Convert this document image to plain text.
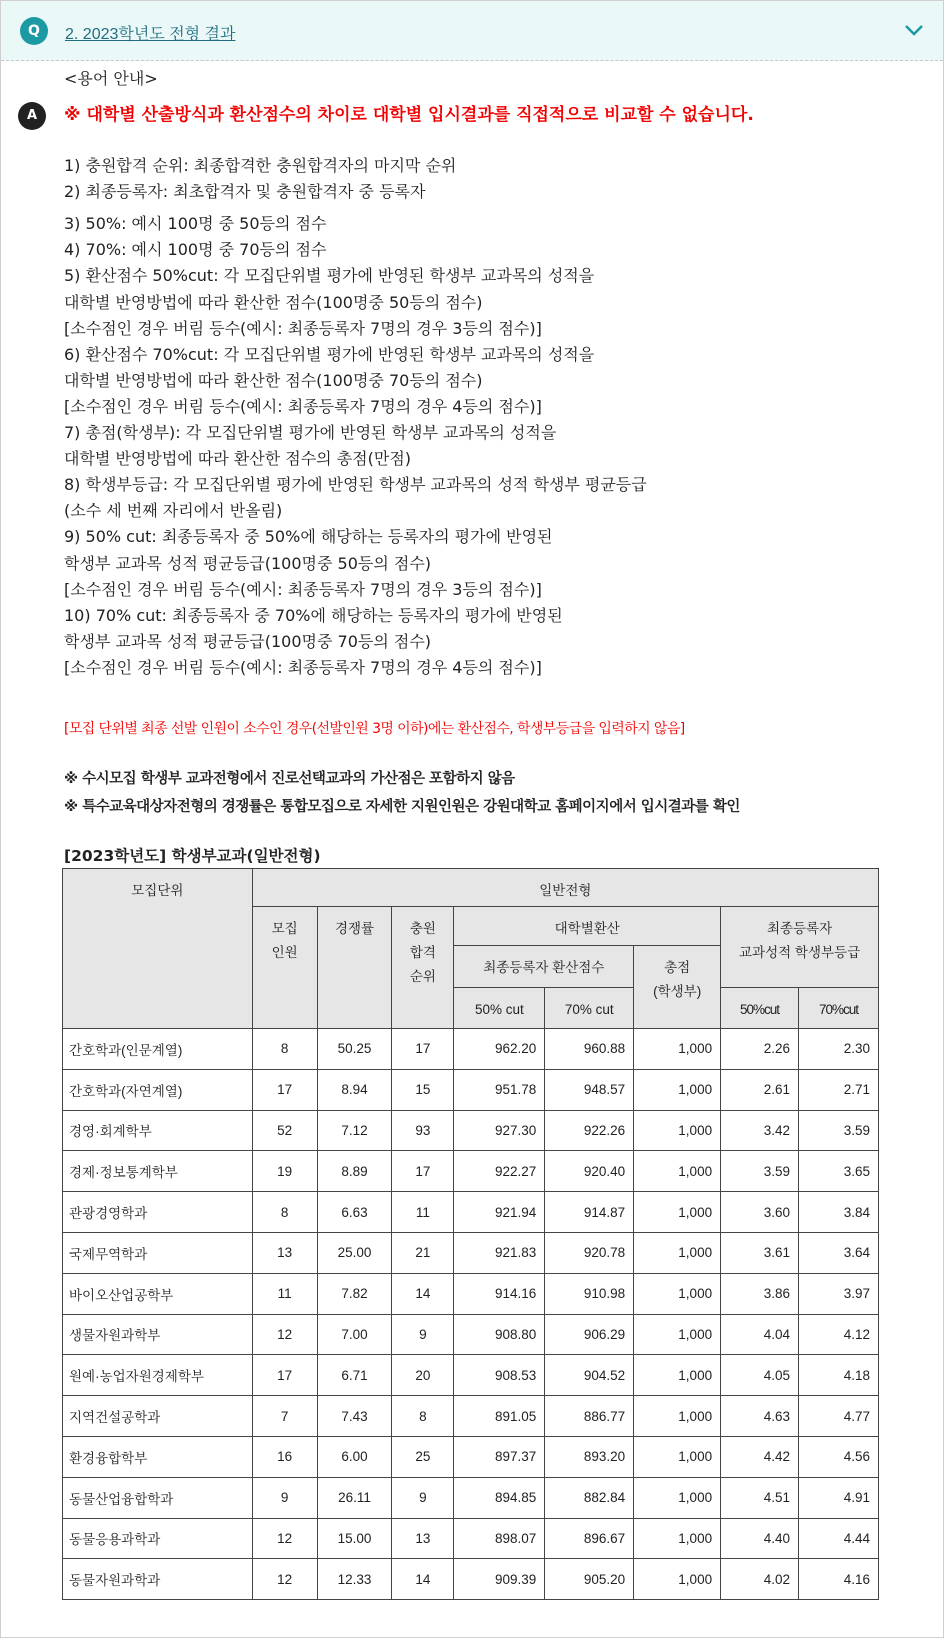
Q	2. 2023학년도 전형 결과
A
<용어 안내>
※ 대학별 산출방식과 환산점수의 차이로 대학별 입시결과를 직접적으로 비교할 수 없습니다.
1) 충원합격 순위: 최종합격한 충원합격자의 마지막 순위
2) 최종등록자: 최초합격자 및 충원합격자 중 등록자
3) 50%: 예시 100명 중 50등의 점수
4) 70%: 예시 100명 중 70등의 점수
5) 환산점수 50%cut: 각 모집단위별 평가에 반영된 학생부 교과목의 성적을
대학별 반영방법에 따라 환산한 점수(100명중 50등의 점수)
[소수점인 경우 버림 등수(예시: 최종등록자 7명의 경우 3등의 점수)]
6) 환산점수 70%cut: 각 모집단위별 평가에 반영된 학생부 교과목의 성적을
대학별 반영방법에 따라 환산한 점수(100명중 70등의 점수)
[소수점인 경우 버림 등수(예시: 최종등록자 7명의 경우 4등의 점수)]
7) 총점(학생부): 각 모집단위별 평가에 반영된 학생부 교과목의 성적을
대학별 반영방법에 따라 환산한 점수의 총점(만점)
8) 학생부등급: 각 모집단위별 평가에 반영된 학생부 교과목의 성적 학생부 평균등급
(소수 세 번째 자리에서 반올림)
9) 50% cut: 최종등록자 중 50%에 해당하는 등록자의 평가에 반영된
학생부 교과목 성적 평균등급(100명중 50등의 점수)
[소수점인 경우 버림 등수(예시: 최종등록자 7명의 경우 3등의 점수)]
10) 70% cut: 최종등록자 중 70%에 해당하는 등록자의 평가에 반영된
학생부 교과목 성적 평균등급(100명중 70등의 점수)
[소수점인 경우 버림 등수(예시: 최종등록자 7명의 경우 4등의 점수)]
[모집 단위별 최종 선발 인원이 소수인 경우(선발인원 3명 이하)에는 환산점수, 학생부등급을 입력하지 않음]
※ 수시모집 학생부 교과전형에서 진로선택교과의 가산점은 포함하지 않음
※ 특수교육대상자전형의 경쟁률은 통합모집으로 자세한 지원인원은 강원대학교 홈페이지에서 입시결과를 확인
[2023학년도] 학생부교과(일반전형)
모집단위	일반전형							
	모집
인원	경쟁률	충원
합격
순위	대학별환산			최종등록자
교과성적 학생부등급	
				최종등록자 환산점수		총점
(학생부)		
				50% cut	70% cut		50%cut	70%cut
간호학과(인문계열)	8	50.25	17	962.20	960.88	1,000	2.26	2.30
간호학과(자연계열)	17	8.94	15	951.78	948.57	1,000	2.61	2.71
경영·회계학부	52	7.12	93	927.30	922.26	1,000	3.42	3.59
경제·정보통계학부	19	8.89	17	922.27	920.40	1,000	3.59	3.65
관광경영학과	8	6.63	11	921.94	914.87	1,000	3.60	3.84
국제무역학과	13	25.00	21	921.83	920.78	1,000	3.61	3.64
바이오산업공학부	11	7.82	14	914.16	910.98	1,000	3.86	3.97
생물자원과학부	12	7.00	9	908.80	906.29	1,000	4.04	4.12
원예·농업자원경제학부	17	6.71	20	908.53	904.52	1,000	4.05	4.18
지역건설공학과	7	7.43	8	891.05	886.77	1,000	4.63	4.77
환경융합학부	16	6.00	25	897.37	893.20	1,000	4.42	4.56
동물산업융합학과	9	26.11	9	894.85	882.84	1,000	4.51	4.91
동물응용과학과	12	15.00	13	898.07	896.67	1,000	4.40	4.44
동물자원과학과	12	12.33	14	909.39	905.20	1,000	4.02	4.16
